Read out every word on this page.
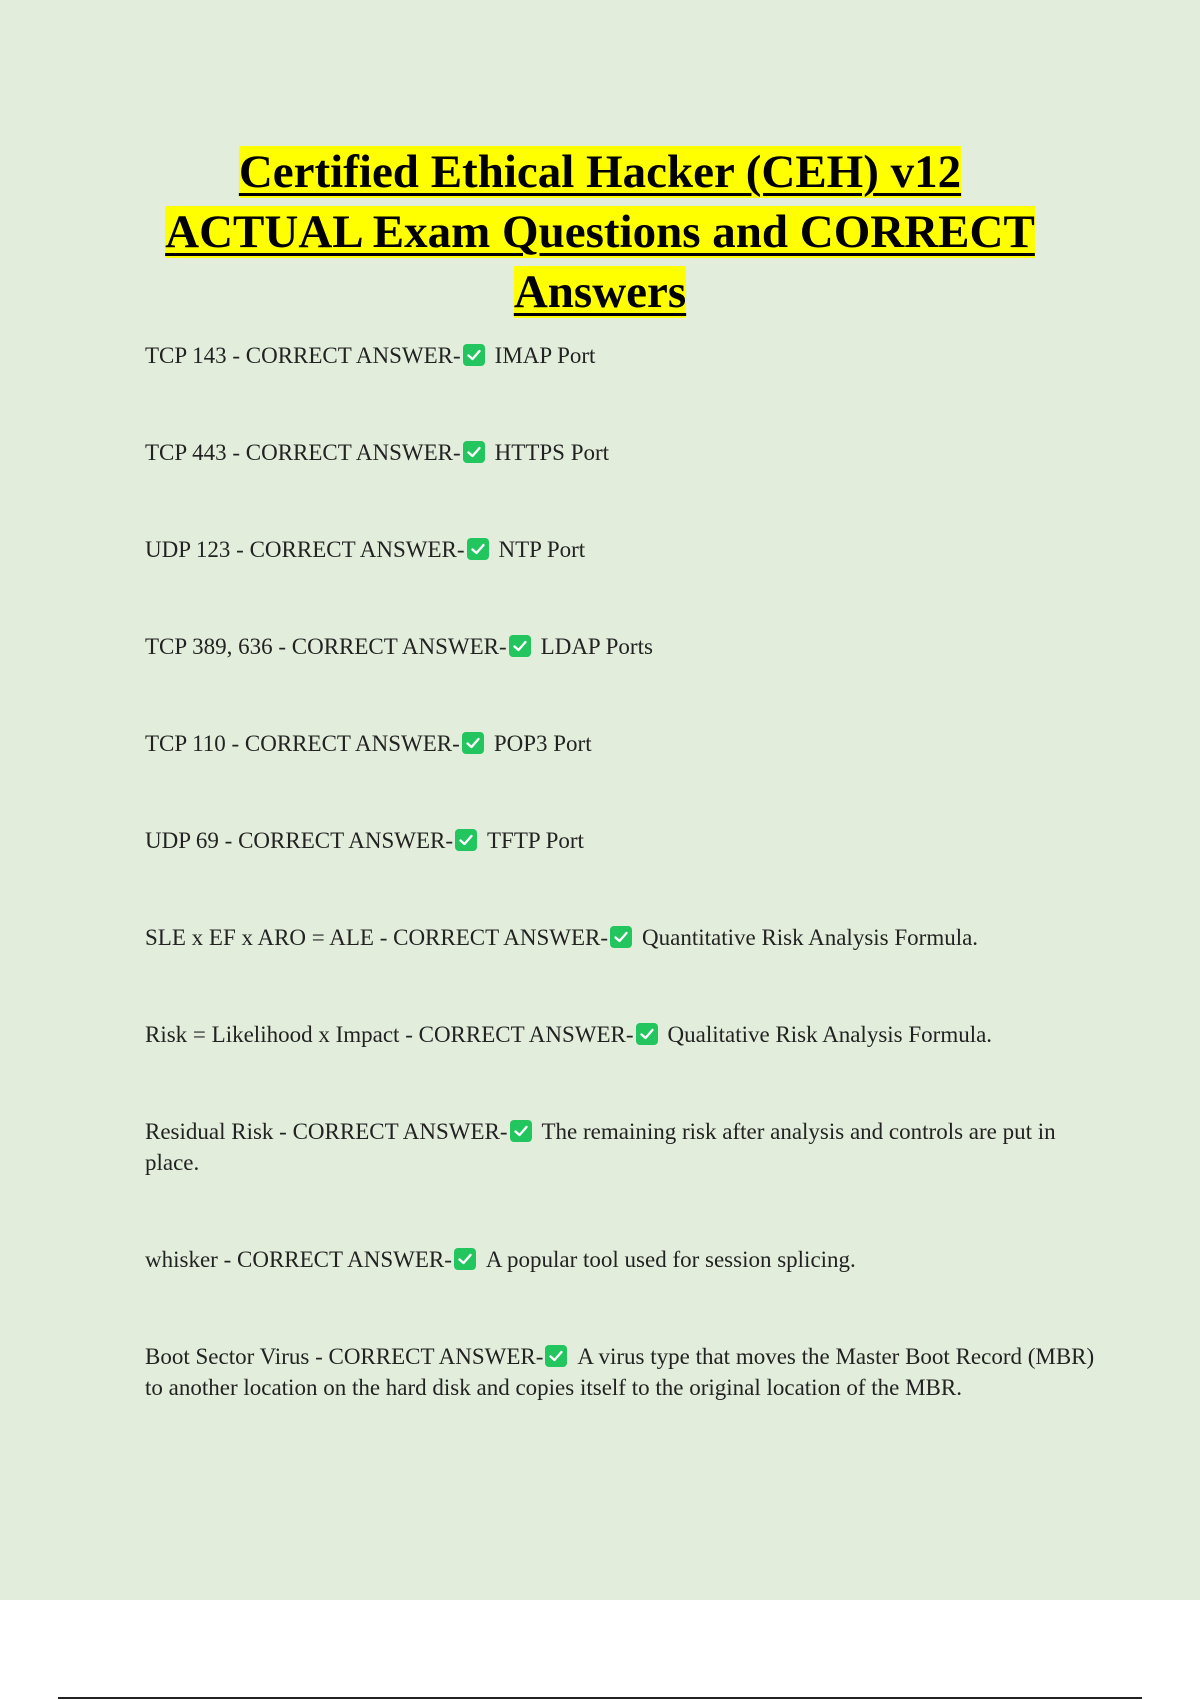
Certified Ethical Hacker (CEH) v12
ACTUAL Exam Questions and CORRECT
Answers

TCP 143 - CORRECT ANSWER- IMAP Port

TCP 443 - CORRECT ANSWER- HTTPS Port

UDP 123 - CORRECT ANSWER- NTP Port

TCP 389, 636 - CORRECT ANSWER- LDAP Ports

TCP 110 - CORRECT ANSWER- POP3 Port

UDP 69 - CORRECT ANSWER- TFTP Port

SLE x EF x ARO = ALE - CORRECT ANSWER- Quantitative Risk Analysis Formula.

Risk = Likelihood x Impact - CORRECT ANSWER- Qualitative Risk Analysis Formula.

Residual Risk - CORRECT ANSWER- The remaining risk after analysis and controls are put in place.

whisker - CORRECT ANSWER- A popular tool used for session splicing.

Boot Sector Virus - CORRECT ANSWER- A virus type that moves the Master Boot Record (MBR) to another location on the hard disk and copies itself to the original location of the MBR.
